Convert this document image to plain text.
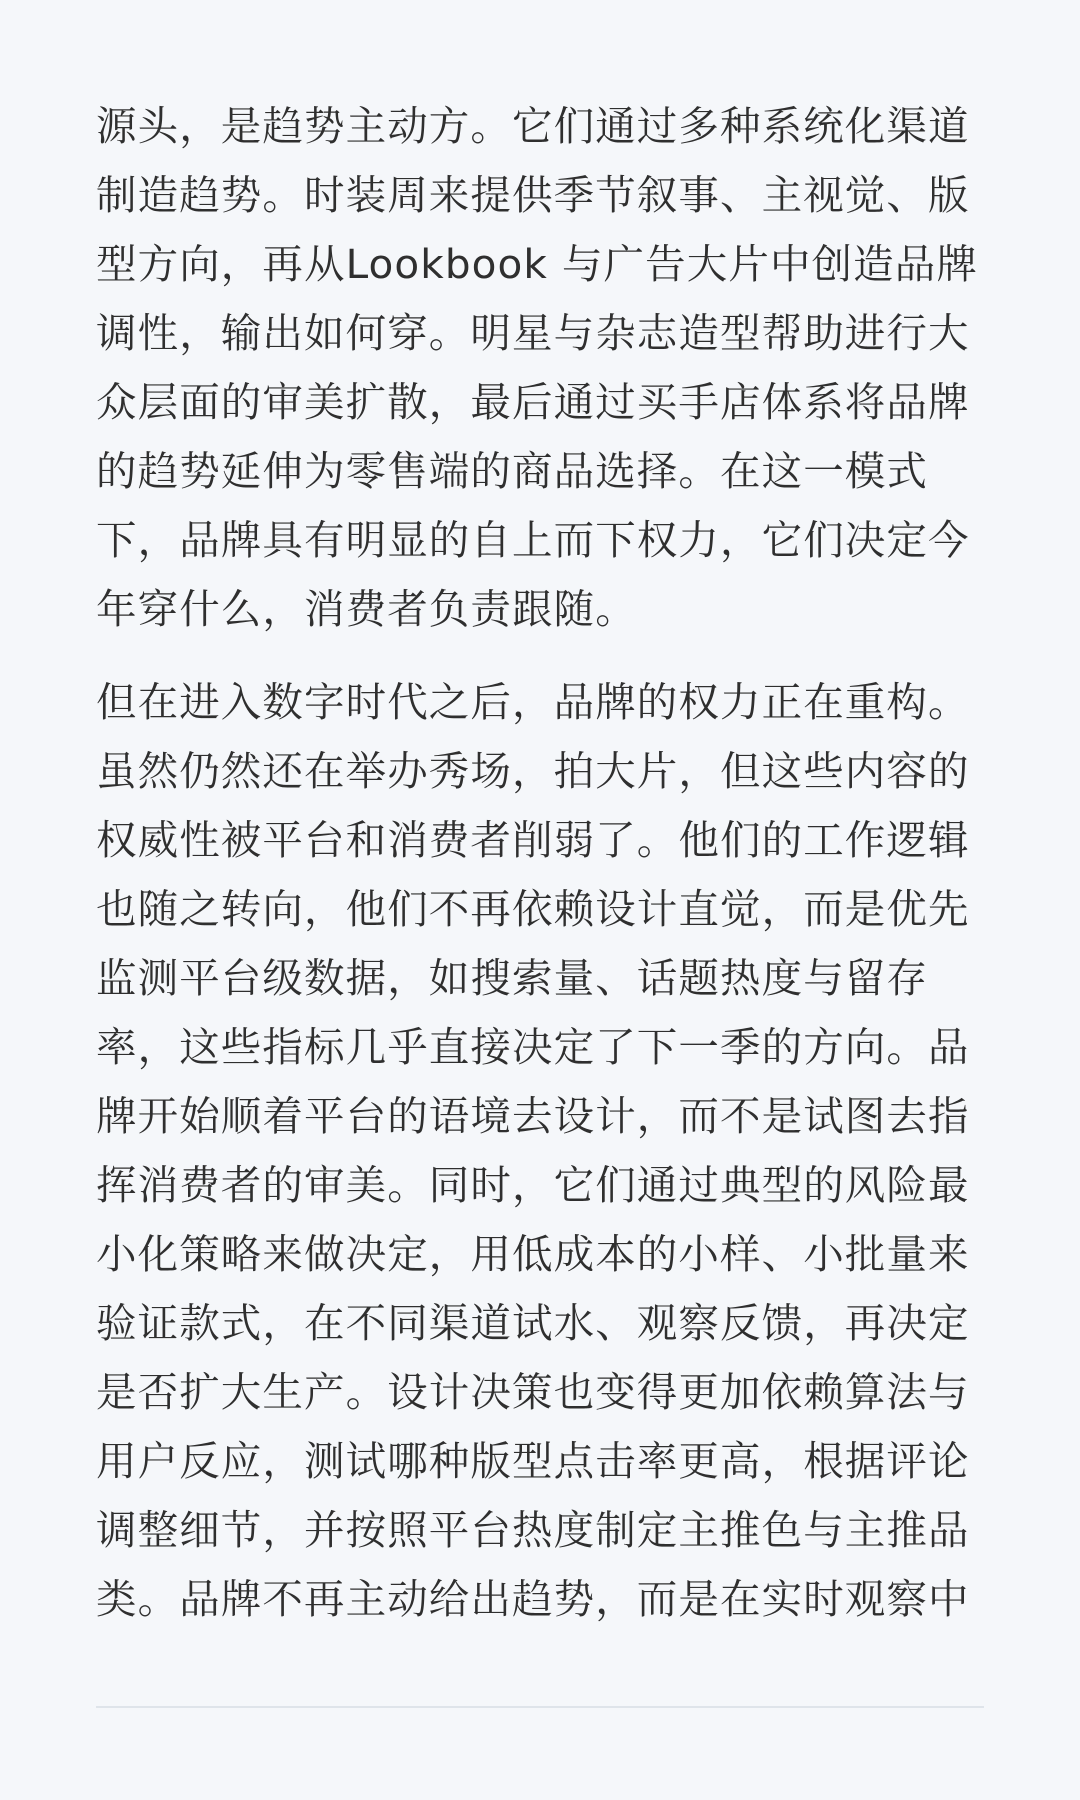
源头，是趋势主动方。它们通过多种系统化渠道
制造趋势。时装周来提供季节叙事、主视觉、版
型方向，再从Lookbook 与广告大片中创造品牌
调性，输出如何穿。明星与杂志造型帮助进行大
众层面的审美扩散，最后通过买手店体系将品牌
的趋势延伸为零售端的商品选择。在这一模式
下，品牌具有明显的自上而下权力，它们决定今
年穿什么，消费者负责跟随。
但在进入数字时代之后，品牌的权力正在重构。
虽然仍然还在举办秀场，拍大片，但这些内容的
权威性被平台和消费者削弱了。他们的工作逻辑
也随之转向，他们不再依赖设计直觉，而是优先
监测平台级数据，如搜索量、话题热度与留存
率，这些指标几乎直接决定了下一季的方向。品
牌开始顺着平台的语境去设计，而不是试图去指
挥消费者的审美。同时，它们通过典型的风险最
小化策略来做决定，用低成本的小样、小批量来
验证款式，在不同渠道试水、观察反馈，再决定
是否扩大生产。设计决策也变得更加依赖算法与
用户反应，测试哪种版型点击率更高，根据评论
调整细节，并按照平台热度制定主推色与主推品
类。品牌不再主动给出趋势，而是在实时观察中
